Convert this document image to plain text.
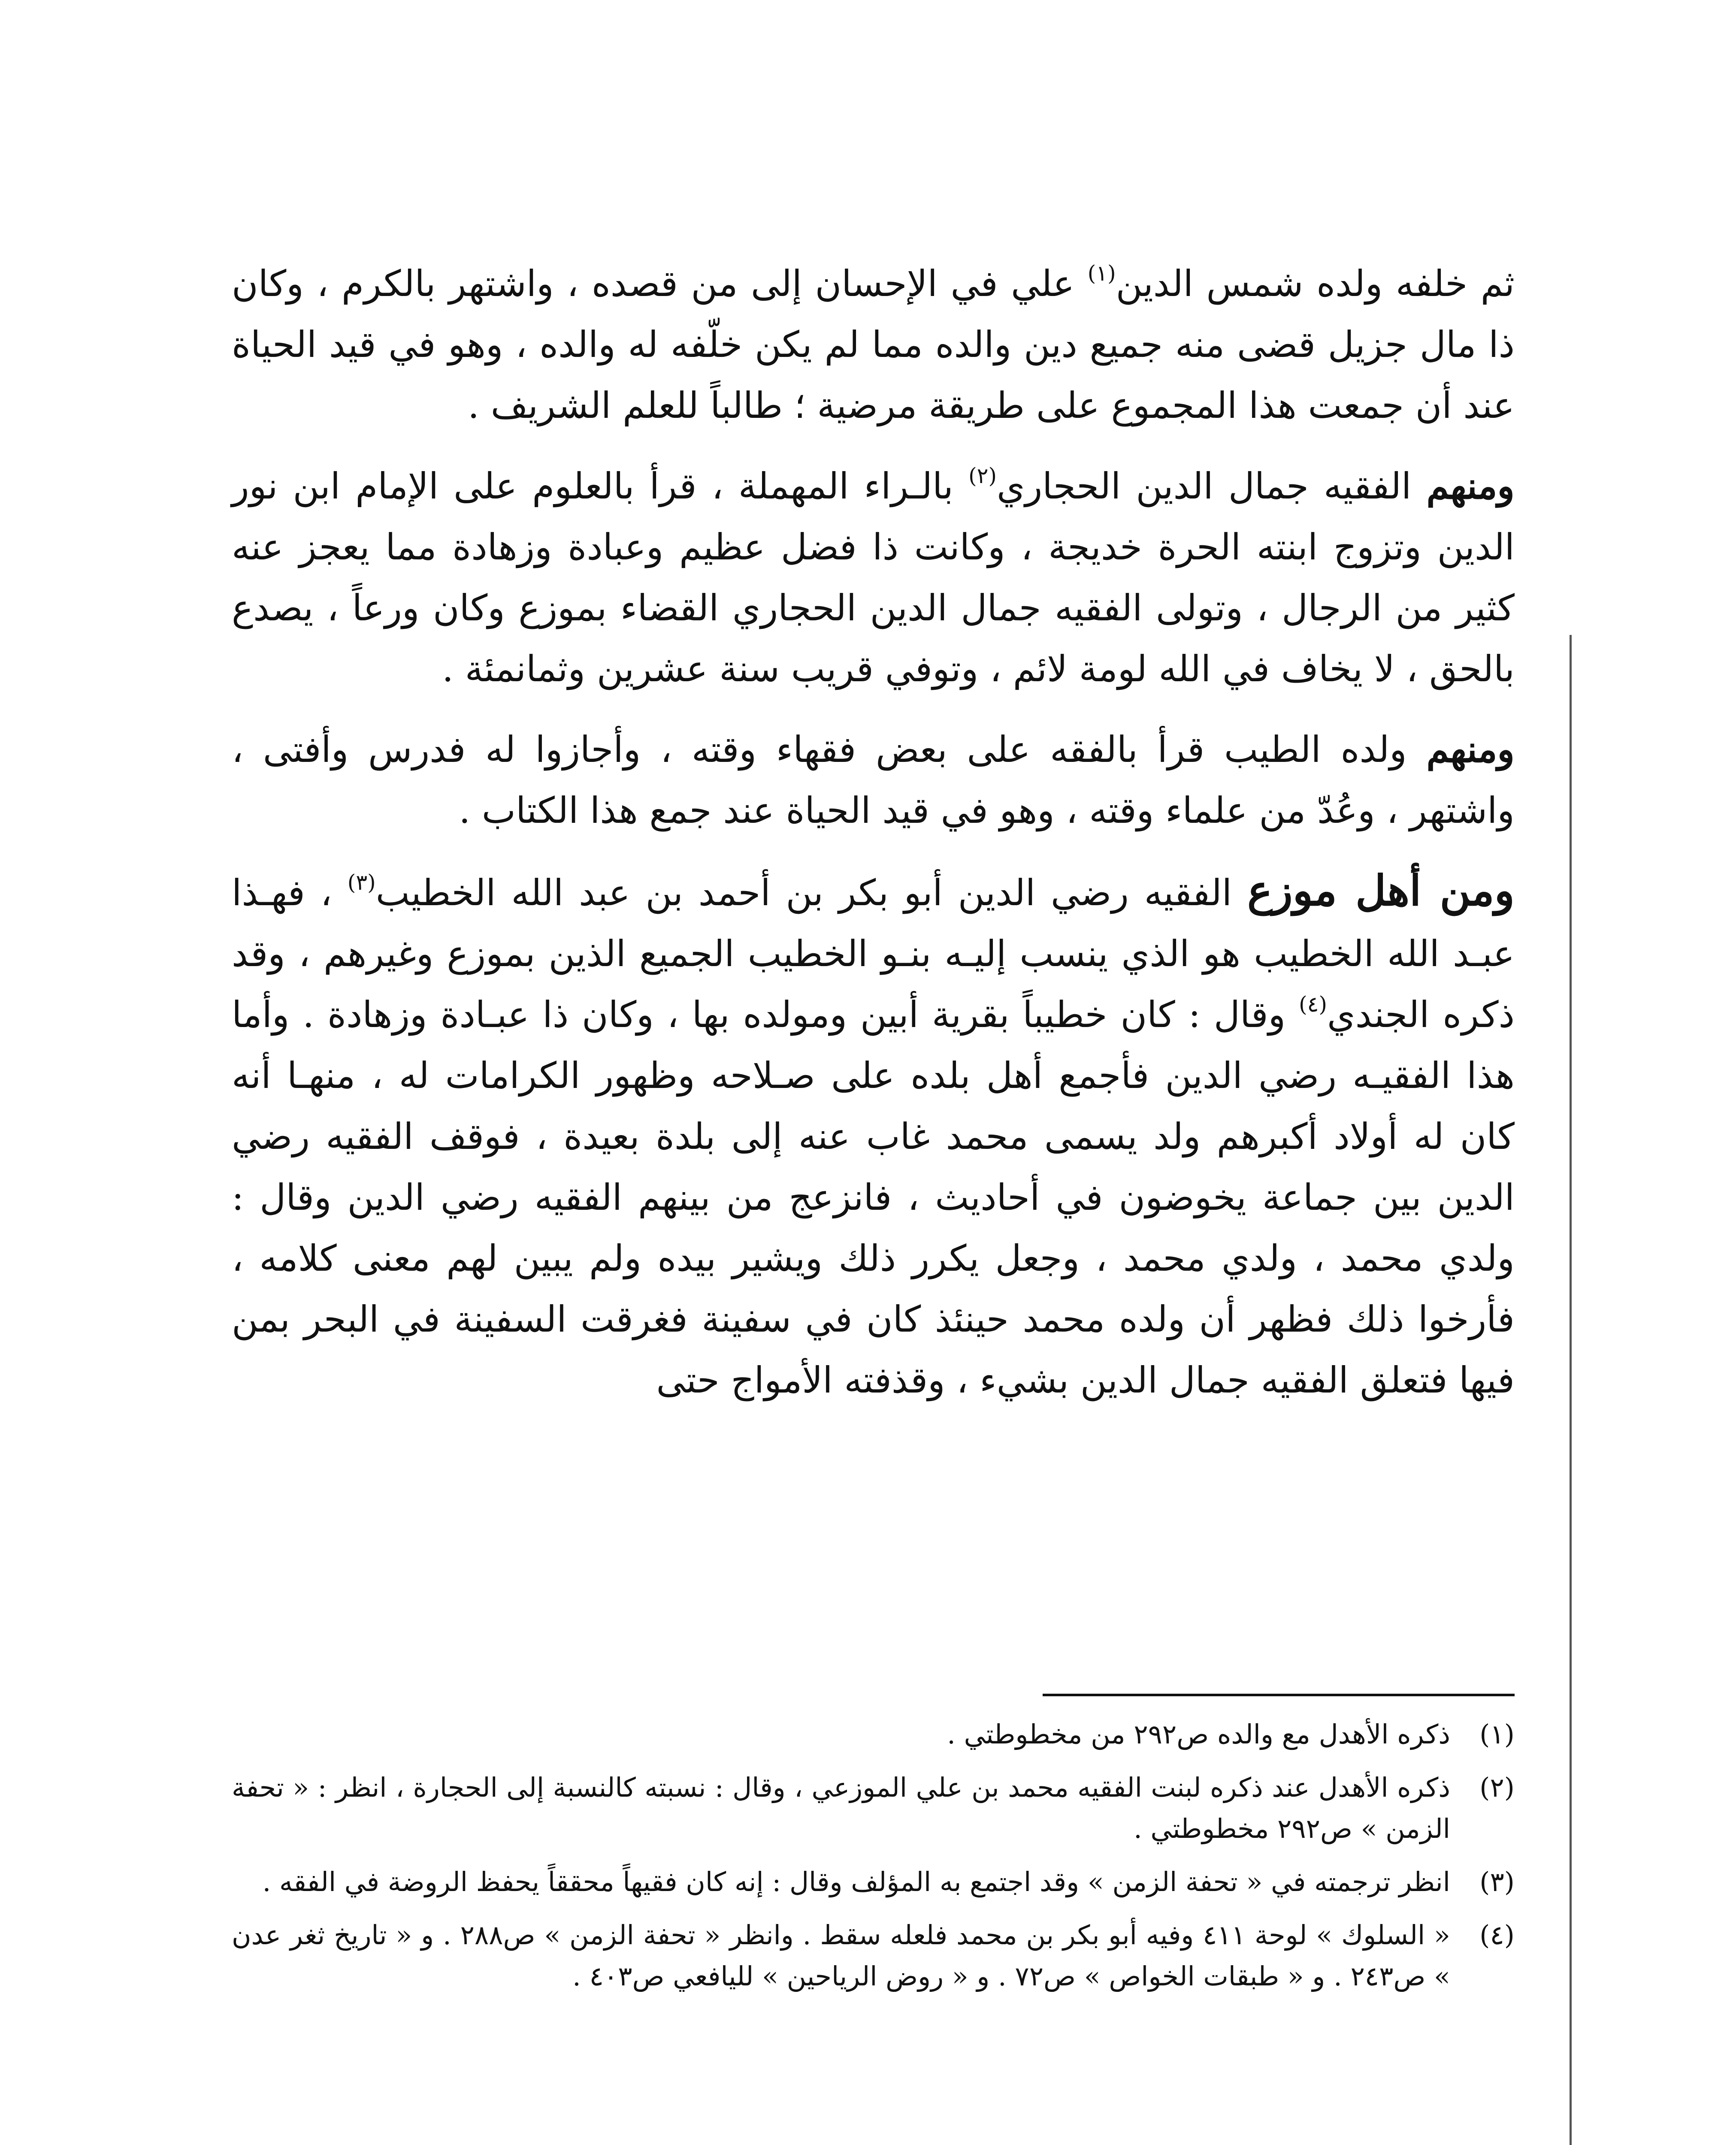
ثم خلفه ولده شمس الدين$^{(١)}$ علي في الإحسان إلى من قصده ، واشتهر بالكرم ، وكان ذا مال جزيل قضى منه جميع دين والده مما لم يكن خلّفه له والده ، وهو في قيد الحياة عند أن جمعت هذا المجموع على طريقة مرضية ؛ طالباً للعلم الشريف .

ومنهم الفقيه جمال الدين الحجاري$^{(٢)}$ بالـراء المهملة ، قرأ بالعلوم على الإمام ابن نور الدين وتزوج ابنته الحرة خديجة ، وكانت ذا فضل عظيم وعبادة وزهادة مما يعجز عنه كثير من الرجال ، وتولى الفقيه جمال الدين الحجاري القضاء بموزع وكان ورعاً ، يصدع بالحق ، لا يخاف في الله لومة لائم ، وتوفي قريب سنة عشرين وثمانمئة .

ومنهم ولده الطيب قرأ بالفقه على بعض فقهاء وقته ، وأجازوا له فدرس وأفتى ، واشتهر ، وعُدّ من علماء وقته ، وهو في قيد الحياة عند جمع هذا الكتاب .

ومن أهل موزع الفقيه رضي الدين أبو بكر بن أحمد بن عبد الله الخطيب$^{(٣)}$ ، فهـذا عبـد الله الخطيب هو الذي ينسب إليـه بنـو الخطيب الجميع الذين بموزع وغيرهم ، وقد ذكره الجندي$^{(٤)}$ وقال : كان خطيباً بقرية أبين ومولده بها ، وكان ذا عبـادة وزهادة . وأما هذا الفقيـه رضي الدين فأجمع أهل بلده على صـلاحه وظهور الكرامات له ، منهـا أنه كان له أولاد أكبرهم ولد يسمى محمد غاب عنه إلى بلدة بعيدة ، فوقف الفقيه رضي الدين بين جماعة يخوضون في أحاديث ، فانزعج من بينهم الفقيه رضي الدين وقال : ولدي محمد ، ولدي محمد ، وجعل يكرر ذلك ويشير بيده ولم يبين لهم معنى كلامه ، فأرخوا ذلك فظهر أن ولده محمد حينئذ كان في سفينة فغرقت السفينة في البحر بمن فيها فتعلق الفقيه جمال الدين بشيء ، وقذفته الأمواج حتى

(١)
ذكره الأهدل مع والده ص٢٩٢ من مخطوطتي .
(٢)
ذكره الأهدل عند ذكره لبنت الفقيه محمد بن علي الموزعي ، وقال : نسبته كالنسبة إلى الحجارة ، انظر : « تحفة الزمن » ص٢٩٢ مخطوطتي .
(٣)
انظر ترجمته في « تحفة الزمن » وقد اجتمع به المؤلف وقال : إنه كان فقيهاً محققاً يحفظ الروضة في الفقه .
(٤)
« السلوك » لوحة ٤١١ وفيه أبو بكر بن محمد فلعله سقط . وانظر « تحفة الزمن » ص٢٨٨ . و « تاريخ ثغر عدن » ص٢٤٣ . و « طبقات الخواص » ص٧٢ . و « روض الرياحين » لليافعي ص٤٠٣ .
